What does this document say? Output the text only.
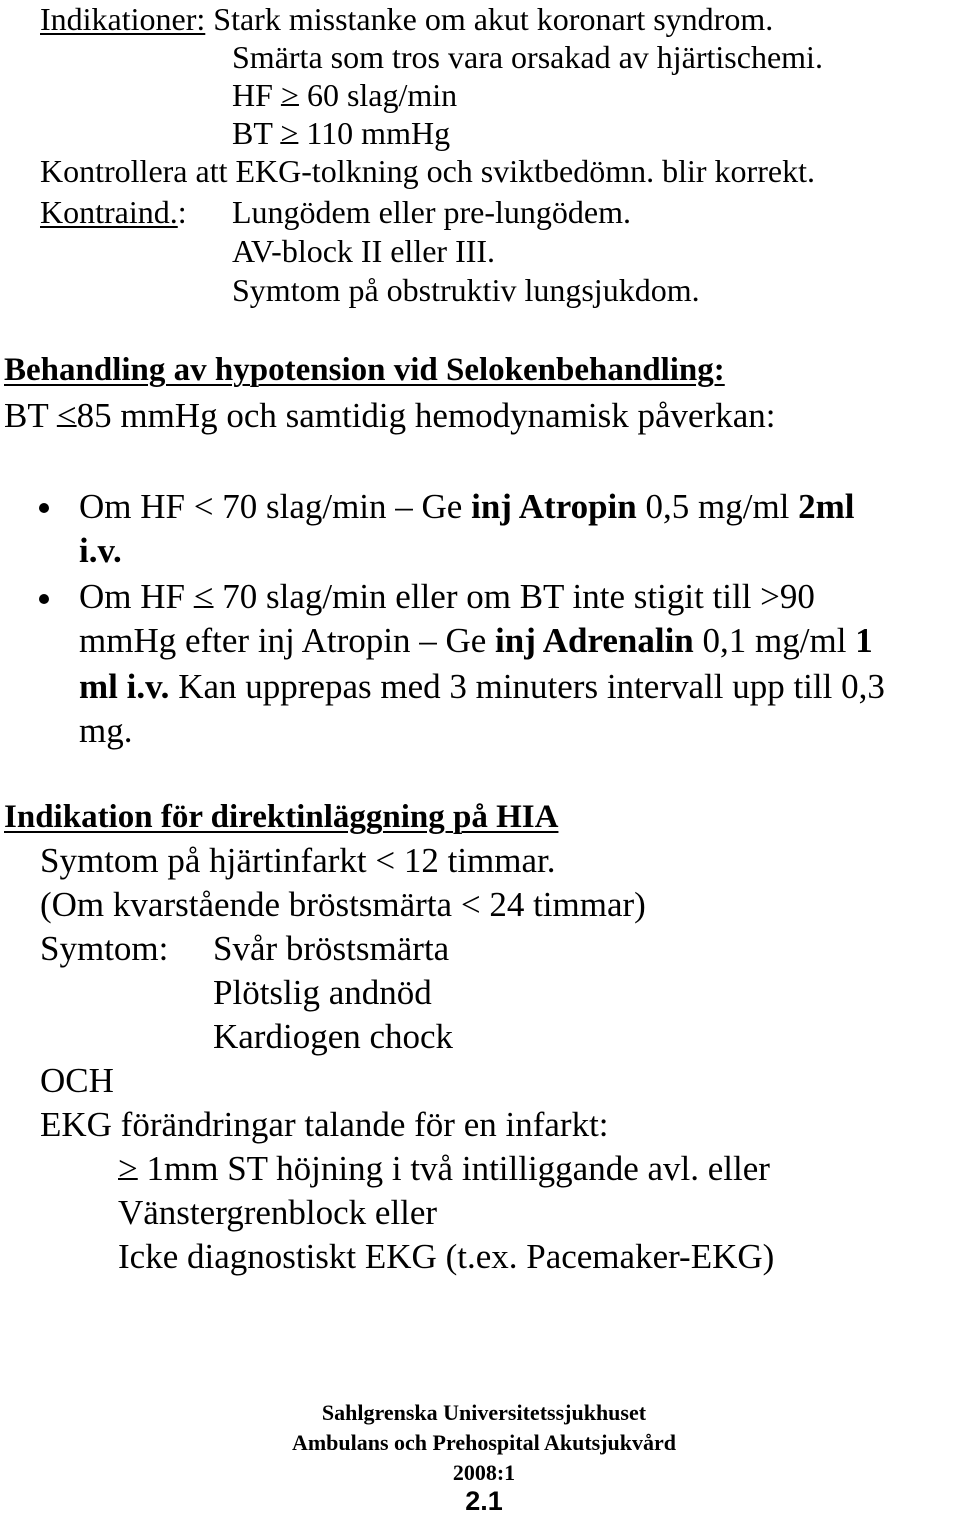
Indikationer: Stark misstanke om akut koronart syndrom.
Smärta som tros vara orsakad av hjärtischemi.
HF ≥ 60 slag/min
BT ≥ 110 mmHg
Kontrollera att EKG-tolkning och sviktbedömn. blir korrekt.
Kontraind.: Lungödem eller pre-lungödem.
AV-block II eller III.
Symtom på obstruktiv lungsjukdom.
Behandling av hypotension vid Selokenbehandling:
BT ≤85 mmHg och samtidig hemodynamisk påverkan:
Om HF < 70 slag/min – Ge inj Atropin 0,5 mg/ml 2ml
i.v.
Om HF ≤ 70 slag/min eller om BT inte stigit till >90
mmHg efter inj Atropin – Ge inj Adrenalin 0,1 mg/ml 1
ml i.v. Kan upprepas med 3 minuters intervall upp till 0,3
mg.
Indikation för direktinläggning på HIA
Symtom på hjärtinfarkt < 12 timmar.
(Om kvarstående bröstsmärta < 24 timmar)
Symtom: Svår bröstsmärta
Plötslig andnöd
Kardiogen chock
OCH
EKG förändringar talande för en infarkt:
≥ 1mm ST höjning i två intilliggande avl. eller
Vänstergrenblock eller
Icke diagnostiskt EKG (t.ex. Pacemaker-EKG)
Sahlgrenska Universitetssjukhuset
Ambulans och Prehospital Akutsjukvård
2008:1
2.1
